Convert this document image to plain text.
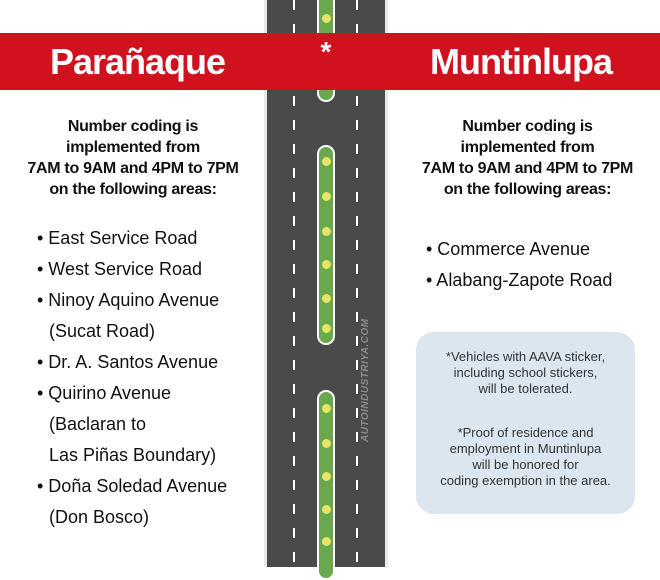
AUTOINDUSTRIYA.COM
Parañaque	*	Muntinlupa
Number coding is
implemented from
7AM to 9AM and 4PM to 7PM
on the following areas:
• East Service Road
• West Service Road
• Ninoy Aquino Avenue
(Sucat Road)
• Dr. A. Santos Avenue
• Quirino Avenue
(Baclaran to
Las Piñas Boundary)
• Doña Soledad Avenue
(Don Bosco)
Number coding is
implemented from
7AM to 9AM and 4PM to 7PM
on the following areas:
• Commerce Avenue
• Alabang-Zapote Road
*Vehicles with AAVA sticker,
including school stickers,
will be tolerated.
*Proof of residence and
employment in Muntinlupa
will be honored for
coding exemption in the area.
